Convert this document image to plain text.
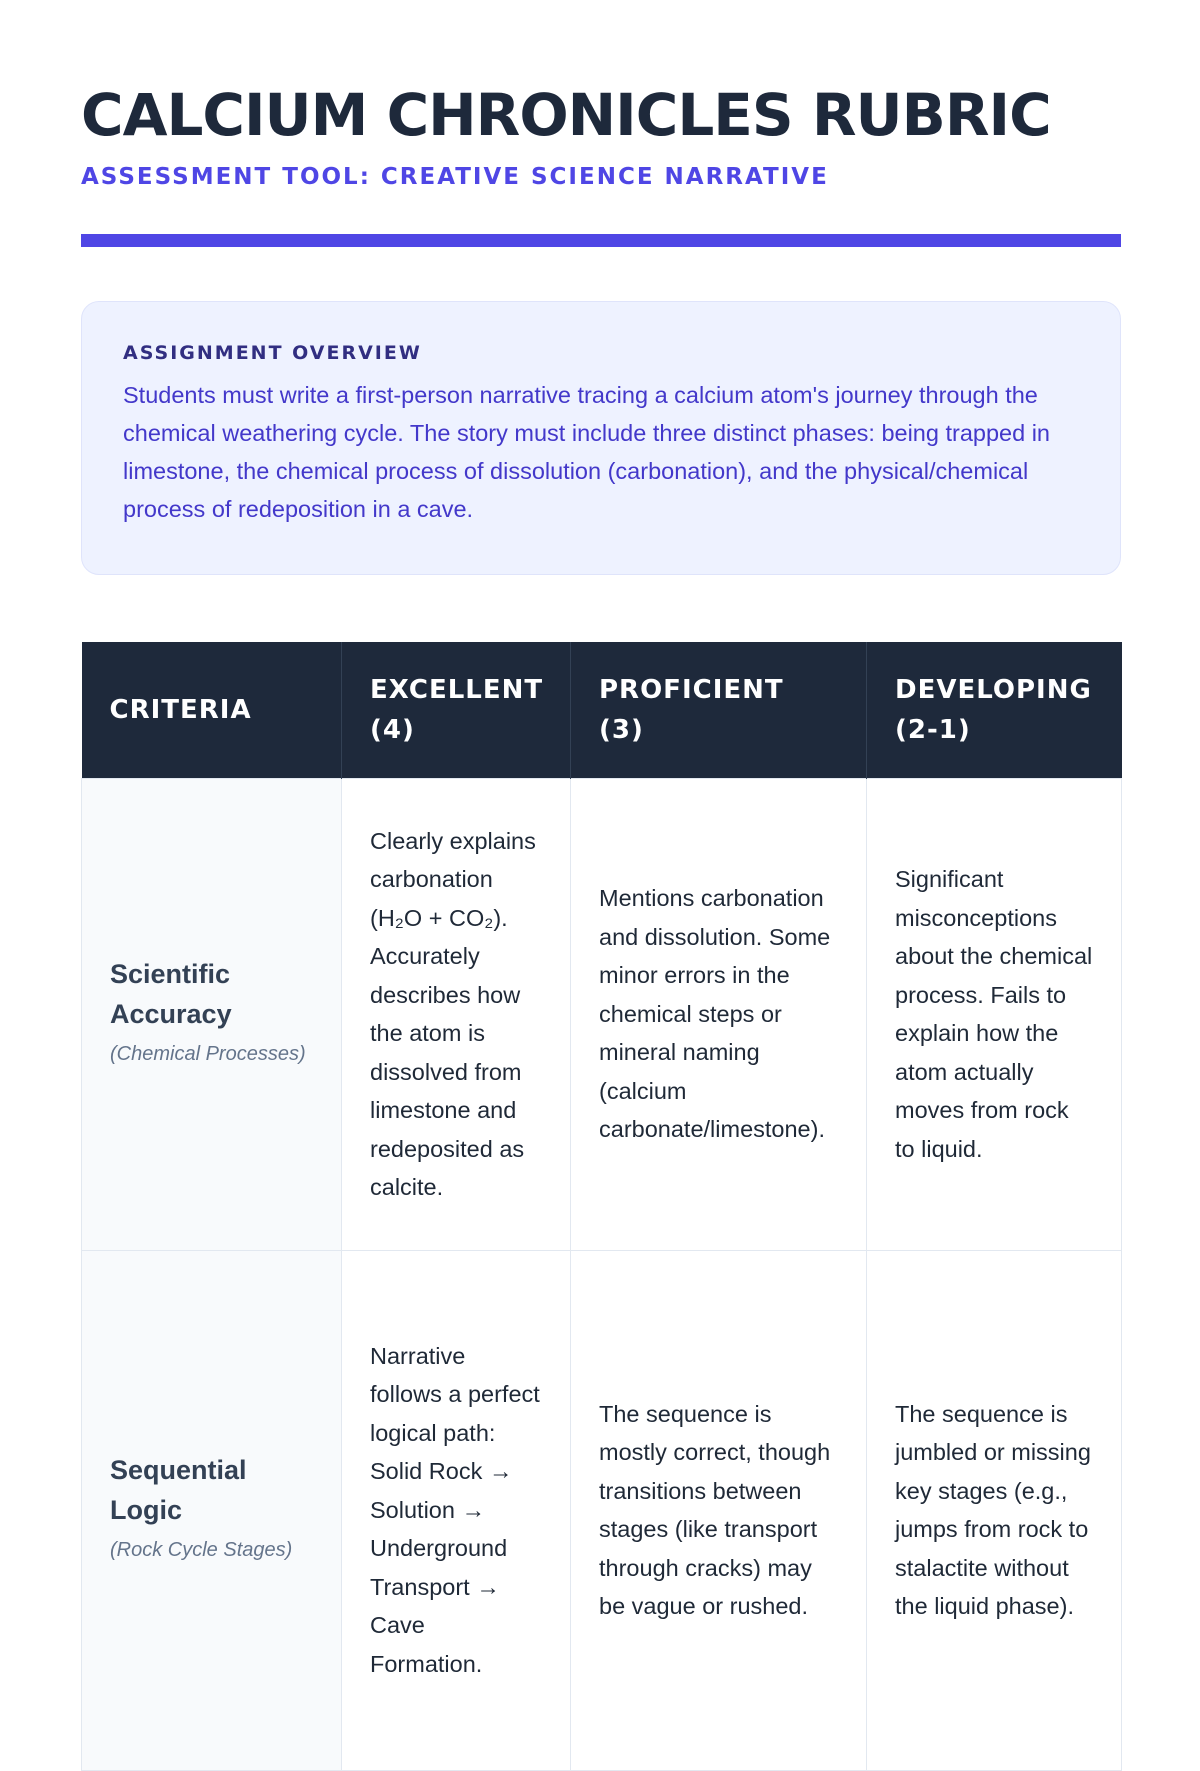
CALCIUM CHRONICLES RUBRIC
ASSESSMENT TOOL: CREATIVE SCIENCE NARRATIVE
ASSIGNMENT OVERVIEW

Students must write a first-person narrative tracing a calcium atom's journey through the chemical weathering cycle. The story must include three distinct phases: being trapped in limestone, the chemical process of dissolution (carbonation), and the physical/chemical process of redeposition in a cave.

CRITERIA	EXCELLENT (4)	PROFICIENT (3)	DEVELOPING (2-1)

Scientific Accuracy
(Chemical Processes)	Clearly explains carbonation (H₂O + CO₂). Accurately describes how the atom is dissolved from limestone and redeposited as calcite.	Mentions carbonation and dissolution. Some minor errors in the chemical steps or mineral naming (calcium carbonate/limestone).	Significant misconceptions about the chemical process. Fails to explain how the atom actually moves from rock to liquid.

Sequential Logic
(Rock Cycle Stages)	Narrative follows a perfect logical path: Solid Rock → Solution → Underground Transport → Cave Formation.	The sequence is mostly correct, though transitions between stages (like transport through cracks) may be vague or rushed.	The sequence is jumbled or missing key stages (e.g., jumps from rock to stalactite without the liquid phase).
